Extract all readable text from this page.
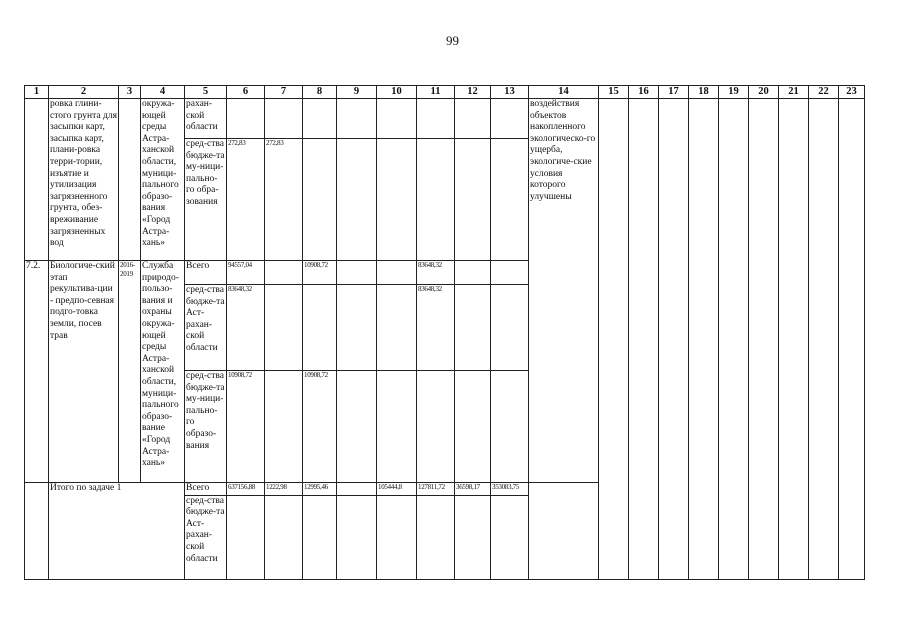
99
1	2	3	4	5	6	7	8	9	10	11	12	13	14	15	16	17	18	19	20	21	22	23
	ровка глини-стого грунта для засыпки карт, засыпка карт, плани-ровка терри-тории, изъятие и утилизация загрязненного грунта, обез-вреживание загрязненных вод		окружа-ющей среды Астра-ханской области, муници-пального образо-вания «Город Астра-хань»	рахан-ской области									воздействия объектов накопленного экологическо-го ущерба, экологиче-ские условия которого улучшены									
				сред-ства бюдже-та му-ници-пально-го обра-зования	272,83	272,83																
7.2.	Биологиче-ский этап рекультива-ции - предпо-севная подго-товка земли, посев трав	2016-2019	Служба природо-пользо-вания и охраны окружа-ющей среды Астра-ханской области, муници-пального образо-вание «Город Астра-хань»	Всего	94557,04		10908,72			83648,32												
				сред-ства бюдже-та Аст-рахан-ской области	83648,32					83648,32												
				сред-ства бюдже-та му-ници-пально-го образо-вания	10908,72		10908,72															
	Итого по задаче 1			Всего	637156,88	1222,98	12995,46		105444,8	127811,72	36598,17	353083,75										
				сред-ства бюдже-та Аст-рахан-ской области																		
